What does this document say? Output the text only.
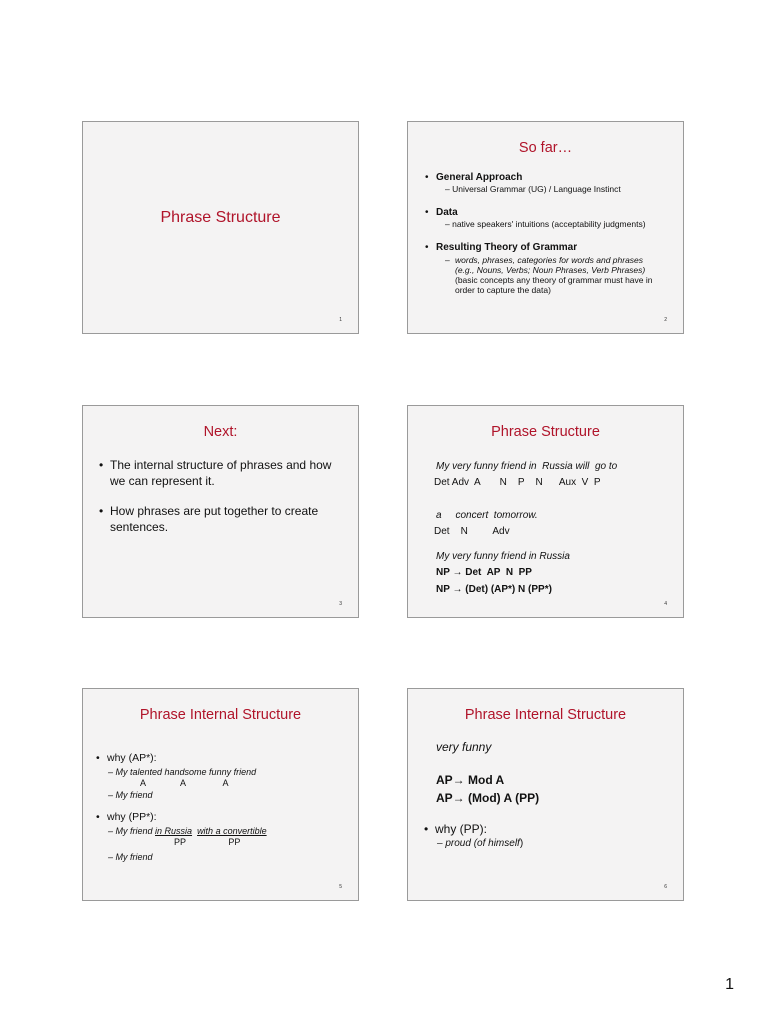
Phrase Structure
1
So far…
• General Approach
– Universal Grammar (UG) / Language Instinct
• Data
– native speakers' intuitions (acceptability judgments)
• Resulting Theory of Grammar
– words, phrases, categories for words and phrases
(e.g., Nouns, Verbs; Noun Phrases, Verb Phrases)
(basic concepts any theory of grammar must have in
order to capture the data)
2
Next:
• The internal structure of phrases and how
we can represent it.
• How phrases are put together to create
sentences.
3
Phrase Structure
My very funny friend in  Russia will  go to
Det Adv  A       N    P    N      Aux  V  P
a     concert  tomorrow.
Det    N         Adv
My very funny friend in Russia
NP → Det  AP  N  PP
NP → (Det) (AP*) N (PP*)
4
Phrase Internal Structure
• why (AP*):
– My talented handsome funny friend
A              A               A
– My friend
• why (PP*):
– My friend in Russia with a convertible
PP                 PP
– My friend
5
Phrase Internal Structure
very funny
AP→ Mod A
AP→ (Mod) A (PP)
• why (PP):
– proud (of himself)
6
1
